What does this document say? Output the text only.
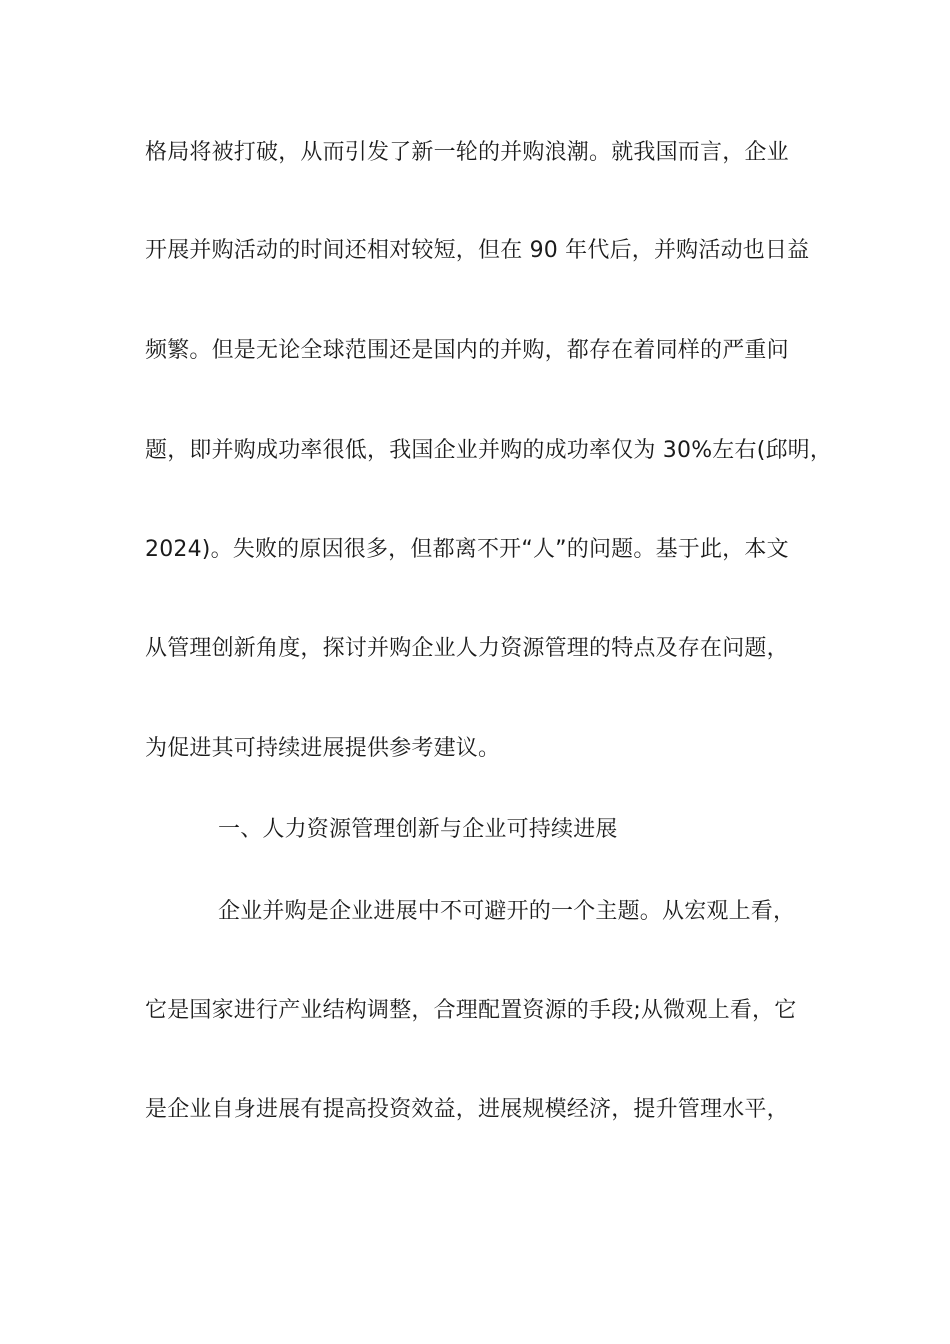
格局将被打破，从而引发了新一轮的并购浪潮。就我国而言，企业
开展并购活动的时间还相对较短，但在 90 年代后，并购活动也日益
频繁。但是无论全球范围还是国内的并购，都存在着同样的严重问
题，即并购成功率很低，我国企业并购的成功率仅为 30%左右(邱明，
2024)。失败的原因很多，但都离不开“人”的问题。基于此，本文
从管理创新角度，探讨并购企业人力资源管理的特点及存在问题，
为促进其可持续进展提供参考建议。
一、人力资源管理创新与企业可持续进展
企业并购是企业进展中不可避开的一个主题。从宏观上看，
它是国家进行产业结构调整，合理配置资源的手段;从微观上看，它
是企业自身进展有提高投资效益，进展规模经济，提升管理水平，
